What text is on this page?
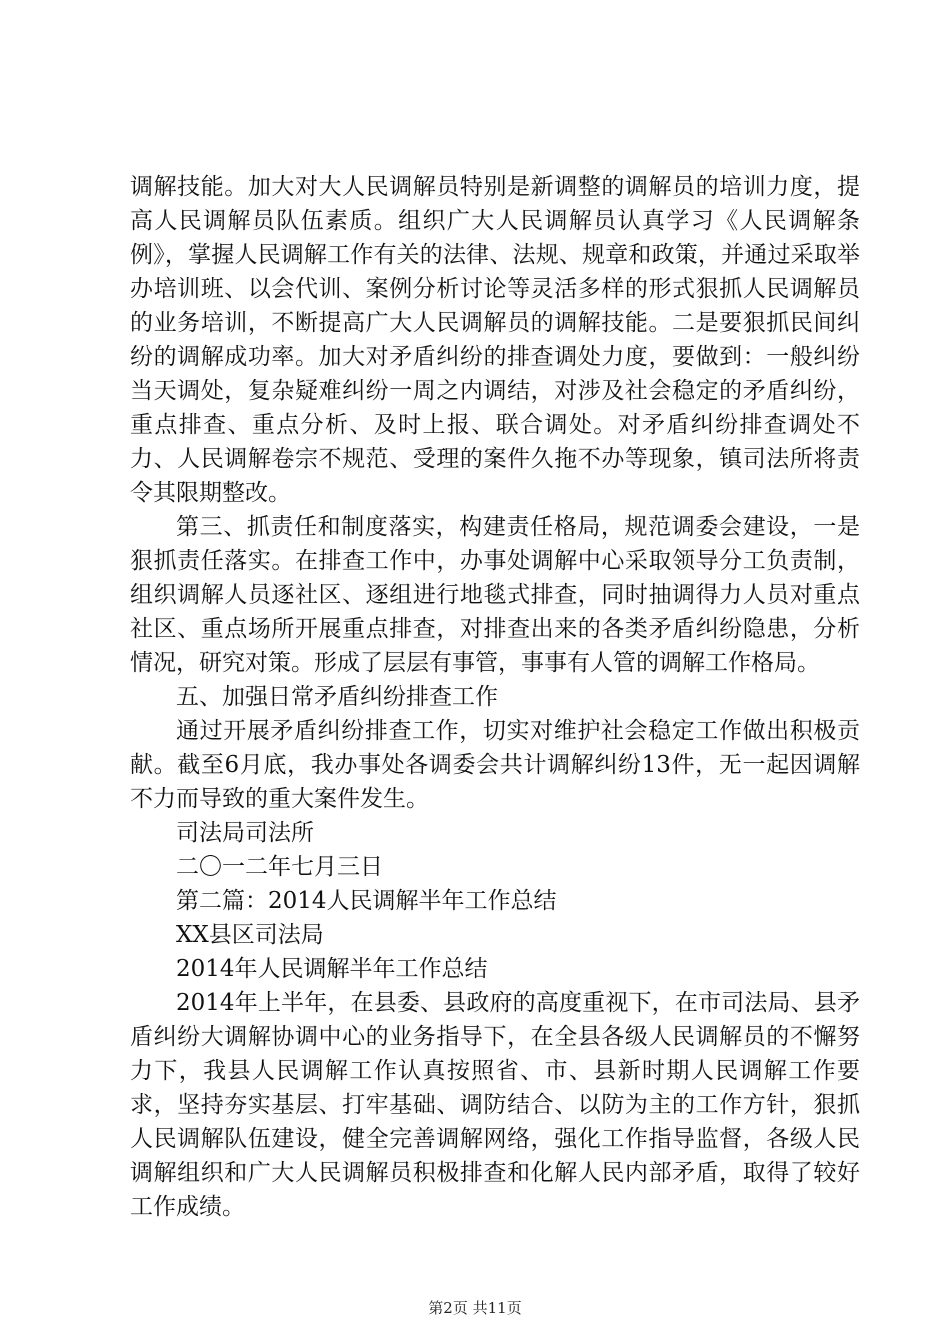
调解技能。加大对大人民调解员特别是新调整的调解员的培训力度，提高人民调解员队伍素质。组织广大人民调解员认真学习《人民调解条例》，掌握人民调解工作有关的法律、法规、规章和政策，并通过采取举办培训班、以会代训、案例分析讨论等灵活多样的形式狠抓人民调解员的业务培训，不断提高广大人民调解员的调解技能。二是要狠抓民间纠纷的调解成功率。加大对矛盾纠纷的排查调处力度，要做到：一般纠纷当天调处，复杂疑难纠纷一周之内调结，对涉及社会稳定的矛盾纠纷，重点排查、重点分析、及时上报、联合调处。对矛盾纠纷排查调处不力、人民调解卷宗不规范、受理的案件久拖不办等现象，镇司法所将责令其限期整改。

第三、抓责任和制度落实，构建责任格局，规范调委会建设，一是狠抓责任落实。在排查工作中，办事处调解中心采取领导分工负责制，组织调解人员逐社区、逐组进行地毯式排查，同时抽调得力人员对重点社区、重点场所开展重点排查，对排查出来的各类矛盾纠纷隐患，分析情况，研究对策。形成了层层有事管，事事有人管的调解工作格局。

五、加强日常矛盾纠纷排查工作

通过开展矛盾纠纷排查工作，切实对维护社会稳定工作做出积极贡献。截至6月底，我办事处各调委会共计调解纠纷13件，无一起因调解不力而导致的重大案件发生。

司法局司法所

二〇一二年七月三日

第二篇：2014人民调解半年工作总结

XX县区司法局

2014年人民调解半年工作总结

2014年上半年，在县委、县政府的高度重视下，在市司法局、县矛盾纠纷大调解协调中心的业务指导下，在全县各级人民调解员的不懈努力下，我县人民调解工作认真按照省、市、县新时期人民调解工作要求，坚持夯实基层、打牢基础、调防结合、以防为主的工作方针，狠抓人民调解队伍建设，健全完善调解网络，强化工作指导监督，各级人民调解组织和广大人民调解员积极排查和化解人民内部矛盾，取得了较好工作成绩。

第2页 共11页
